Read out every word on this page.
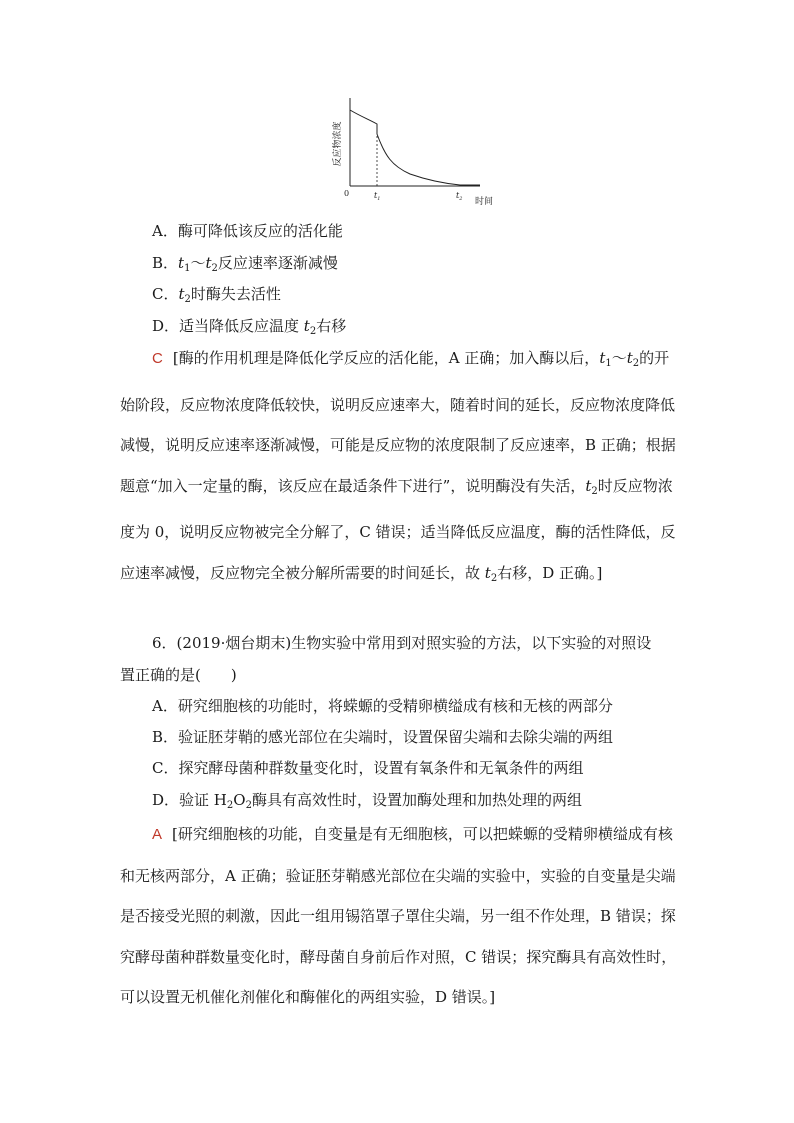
反应物浓度
0	$t_1$	$t_2$ 时间
A．酶可降低该反应的活化能
B．$t_1\sim t_2$反应速率逐渐减慢
C．$t_2$时酶失去活性
D．适当降低反应温度 $t_2$右移
C [酶的作用机理是降低化学反应的活化能，A 正确；加入酶以后，$t_1\sim t_2$的开始阶段，反应物浓度降低较快，说明反应速率大，随着时间的延长，反应物浓度降低减慢，说明反应速率逐渐减慢，可能是反应物的浓度限制了反应速率，B 正确；根据题意“加入一定量的酶，该反应在最适条件下进行”，说明酶没有失活，$t_2$时反应物浓度为 0，说明反应物被完全分解了，C 错误；适当降低反应温度，酶的活性降低，反应速率减慢，反应物完全被分解所需要的时间延长，故 $t_2$右移，D 正确。]
6．(2019·烟台期末)生物实验中常用到对照实验的方法，以下实验的对照设
置正确的是(　　)
A．研究细胞核的功能时，将蝾螈的受精卵横缢成有核和无核的两部分
B．验证胚芽鞘的感光部位在尖端时，设置保留尖端和去除尖端的两组
C．探究酵母菌种群数量变化时，设置有氧条件和无氧条件的两组
D．验证 $H_2O_2$酶具有高效性时，设置加酶处理和加热处理的两组
A [研究细胞核的功能，自变量是有无细胞核，可以把蝾螈的受精卵横缢成有核和无核两部分，A 正确；验证胚芽鞘感光部位在尖端的实验中，实验的自变量是尖端是否接受光照的刺激，因此一组用锡箔罩子罩住尖端，另一组不作处理，B 错误；探究酵母菌种群数量变化时，酵母菌自身前后作对照，C 错误；探究酶具有高效性时，可以设置无机催化剂催化和酶催化的两组实验，D 错误。]
